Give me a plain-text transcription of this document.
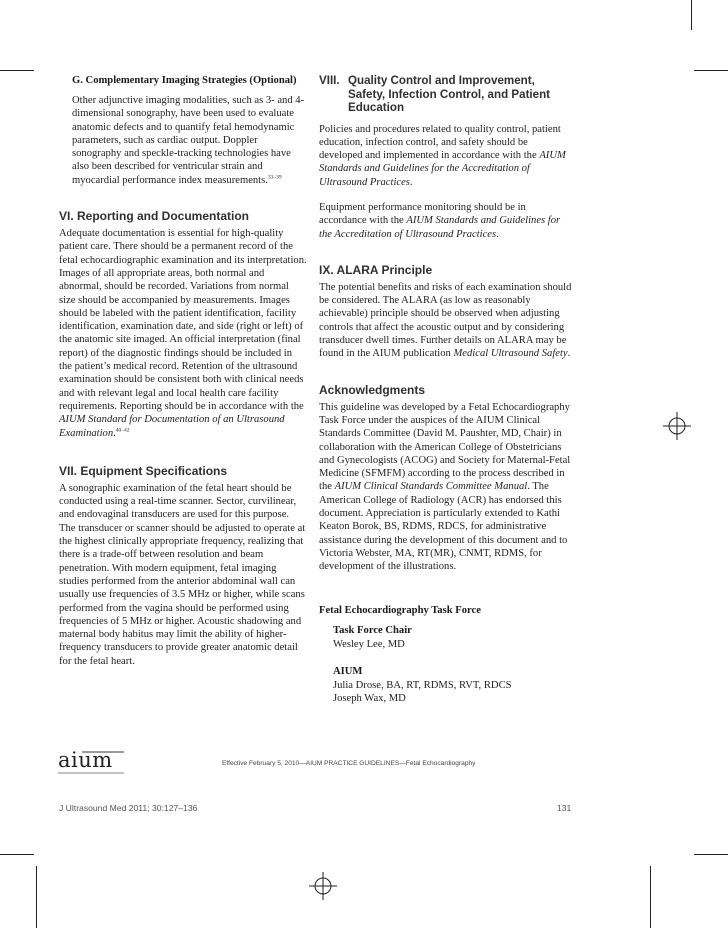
G. Complementary Imaging Strategies (Optional)

Other adjunctive imaging modalities, such as 3- and 4-dimensional sonography, have been used to evaluate anatomic defects and to quantify fetal hemodynamic parameters, such as cardiac output. Doppler sonography and speckle-tracking technologies have also been described for ventricular strain and myocardial performance index measurements.$^{33-39}$

VI. Reporting and Documentation

Adequate documentation is essential for high-quality patient care. There should be a permanent record of the fetal echocardiographic examination and its interpretation. Images of all appropriate areas, both normal and abnormal, should be recorded. Variations from normal size should be accompanied by measurements. Images should be labeled with the patient identification, facility identification, examination date, and side (right or left) of the anatomic site imaged. An official interpretation (final report) of the diagnostic findings should be included in the patient’s medical record. Retention of the ultrasound examination should be consistent both with clinical needs and with relevant legal and local health care facility requirements. Reporting should be in accordance with the AIUM Standard for Documentation of an Ultrasound Examination.$^{40-42}$

VII. Equipment Specifications

A sonographic examination of the fetal heart should be conducted using a real-time scanner. Sector, curvilinear, and endovaginal transducers are used for this purpose. The transducer or scanner should be adjusted to operate at the highest clinically appropriate frequency, realizing that there is a trade-off between resolution and beam penetration. With modern equipment, fetal imaging studies performed from the anterior abdominal wall can usually use frequencies of 3.5 MHz or higher, while scans performed from the vagina should be performed using frequencies of 5 MHz or higher. Acoustic shadowing and maternal body habitus may limit the ability of higher-frequency transducers to provide greater anatomic detail for the fetal heart.

VIII. Quality Control and Improvement, Safety, Infection Control, and Patient Education

Policies and procedures related to quality control, patient education, infection control, and safety should be developed and implemented in accordance with the AIUM Standards and Guidelines for the Accreditation of Ultrasound Practices.

Equipment performance monitoring should be in accordance with the AIUM Standards and Guidelines for the Accreditation of Ultrasound Practices.

IX. ALARA Principle

The potential benefits and risks of each examination should be considered. The ALARA (as low as reasonably achievable) principle should be observed when adjusting controls that affect the acoustic output and by considering transducer dwell times. Further details on ALARA may be found in the AIUM publication Medical Ultrasound Safety.

Acknowledgments

This guideline was developed by a Fetal Echocardiography Task Force under the auspices of the AIUM Clinical Standards Committee (David M. Paushter, MD, Chair) in collaboration with the American College of Obstetricians and Gynecologists (ACOG) and Society for Maternal-Fetal Medicine (SFMFM) according to the process described in the AIUM Clinical Standards Committee Manual. The American College of Radiology (ACR) has endorsed this document. Appreciation is particularly extended to Kathi Keaton Borok, BS, RDMS, RDCS, for administrative assistance during the development of this document and to Victoria Webster, MA, RT(MR), CNMT, RDMS, for development of the illustrations.

Fetal Echocardiography Task Force

Task Force Chair

Wesley Lee, MD

AIUM

Julia Drose, BA, RT, RDMS, RVT, RDCS

Joseph Wax, MD

aium	Effective February 5, 2010—AIUM PRACTICE GUIDELINES—Fetal Echocardiography
J Ultrasound Med 2011; 30:127–136	131
